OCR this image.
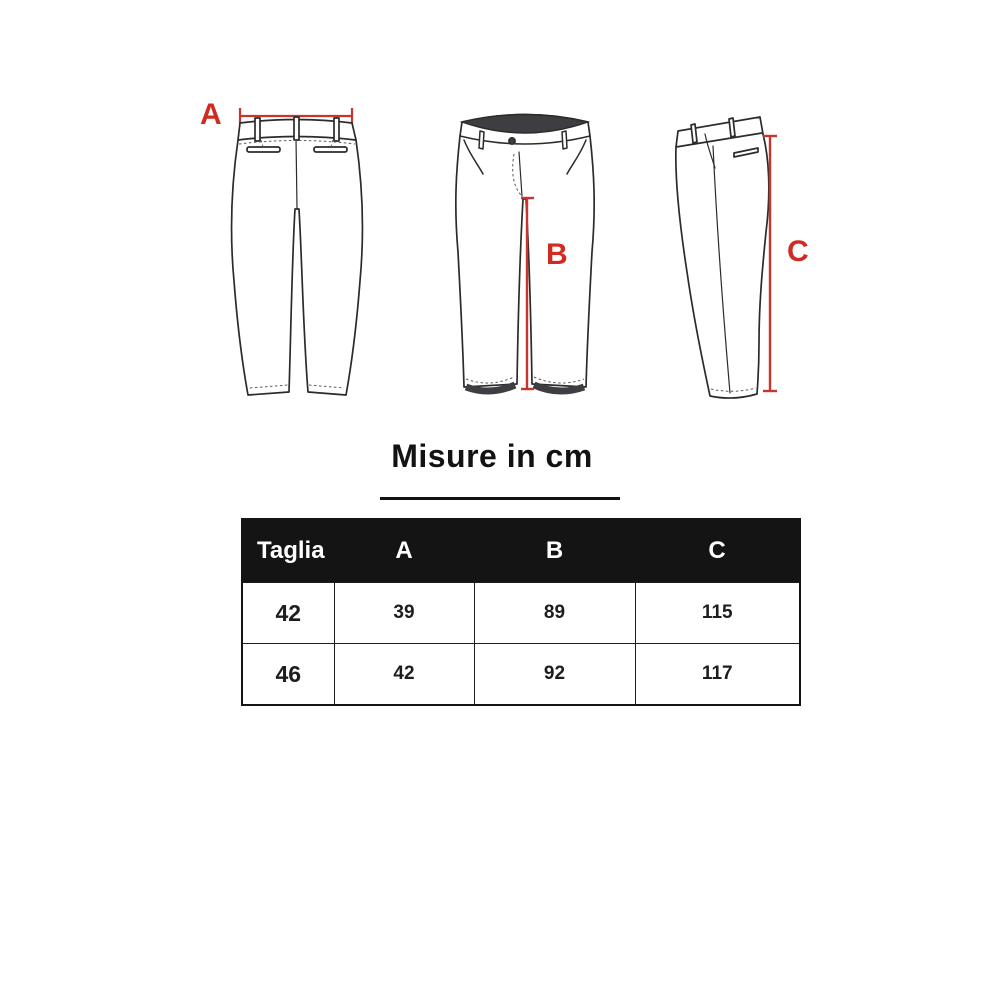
A
B	C
Misure in cm
Taglia	A	B	C
42	39	89	115
46	42	92	117
